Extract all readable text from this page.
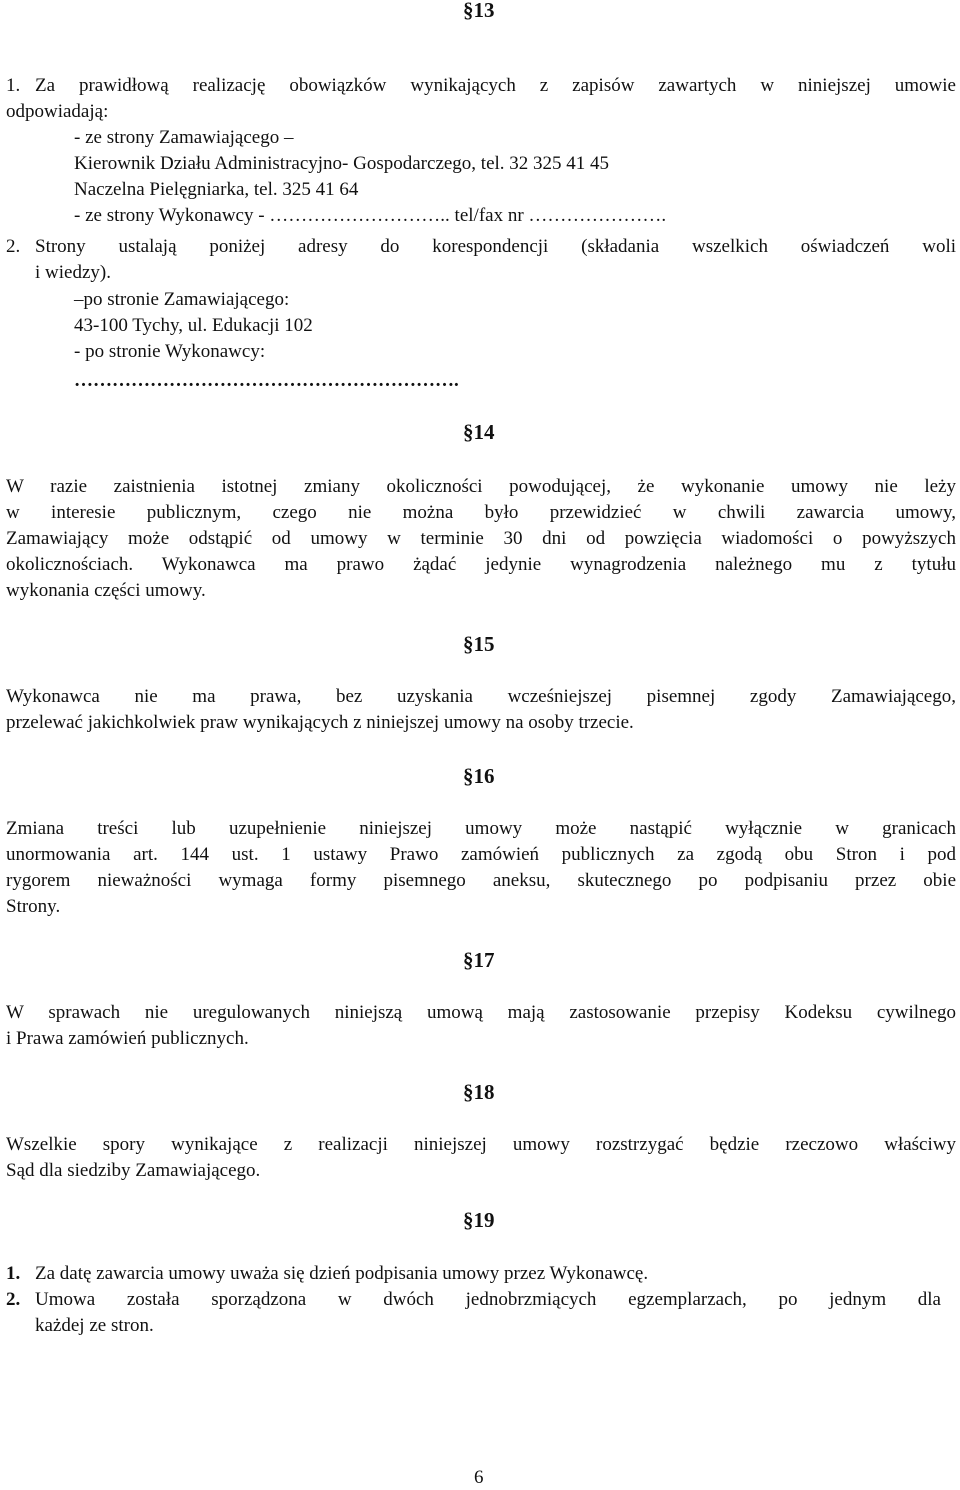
§13
1. Za prawidłową realizację obowiązków wynikających z zapisów zawartych w niniejszej umowie
odpowiadają:
- ze strony Zamawiającego –
Kierownik Działu Administracyjno- Gospodarczego, tel. 32 325 41 45
Naczelna Pielęgniarka, tel. 325 41 64
- ze strony Wykonawcy - ……………………….. tel/fax nr ………………….
2. Strony ustalają poniżej adresy do korespondencji (składania wszelkich oświadczeń woli
i wiedzy).
–po stronie Zamawiającego:
43-100 Tychy, ul. Edukacji 102
- po stronie Wykonawcy:
…………………………………………………….
§14
W razie zaistnienia istotnej zmiany okoliczności powodującej, że wykonanie umowy nie leży
w interesie publicznym, czego nie można było przewidzieć w chwili zawarcia umowy,
Zamawiający może odstąpić od umowy w terminie 30 dni od powzięcia wiadomości o powyższych
okolicznościach. Wykonawca ma prawo żądać jedynie wynagrodzenia należnego mu z tytułu
wykonania części umowy.
§15
Wykonawca nie ma prawa, bez uzyskania wcześniejszej pisemnej zgody Zamawiającego,
przelewać jakichkolwiek praw wynikających z niniejszej umowy na osoby trzecie.
§16
Zmiana treści lub uzupełnienie niniejszej umowy może nastąpić wyłącznie w granicach
unormowania art. 144 ust. 1 ustawy Prawo zamówień publicznych za zgodą obu Stron i pod
rygorem nieważności wymaga formy pisemnego aneksu, skutecznego po podpisaniu przez obie
Strony.
§17
W sprawach nie uregulowanych niniejszą umową mają zastosowanie przepisy Kodeksu cywilnego
i Prawa zamówień publicznych.
§18
Wszelkie spory wynikające z realizacji niniejszej umowy rozstrzygać będzie rzeczowo właściwy
Sąd dla siedziby Zamawiającego.
§19
1. Za datę zawarcia umowy uważa się dzień podpisania umowy przez Wykonawcę.
2. Umowa została sporządzona w dwóch jednobrzmiących egzemplarzach, po jednym dla
każdej ze stron.
6
